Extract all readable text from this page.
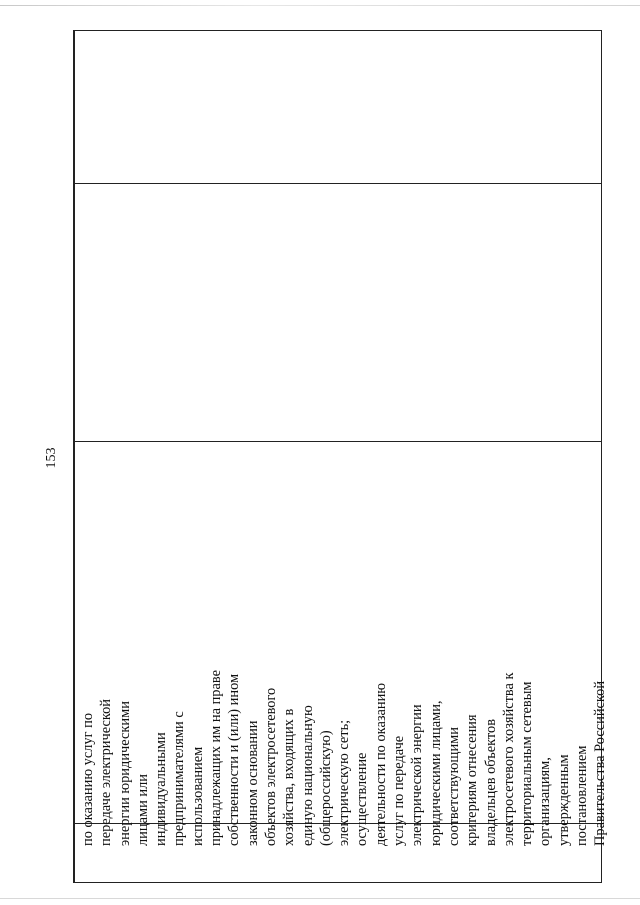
153
по оказанию услуг по передаче электрической энергии юридическими лицами или индивидуальными предпринимателями с использованием принадлежащих им на праве собственности и (или) ином законном основании объектов электросетевого хозяйства, входящих в единую национальную (общероссийскую) электрическую сеть; осуществление деятельности по оказанию услуг по передаче электрической энергии юридическими лицами, соответствующими критериям отнесения владельцев объектов электросетевого хозяйства к территориальным сетевым организациям, утвержденным постановлением Правительства Российской
